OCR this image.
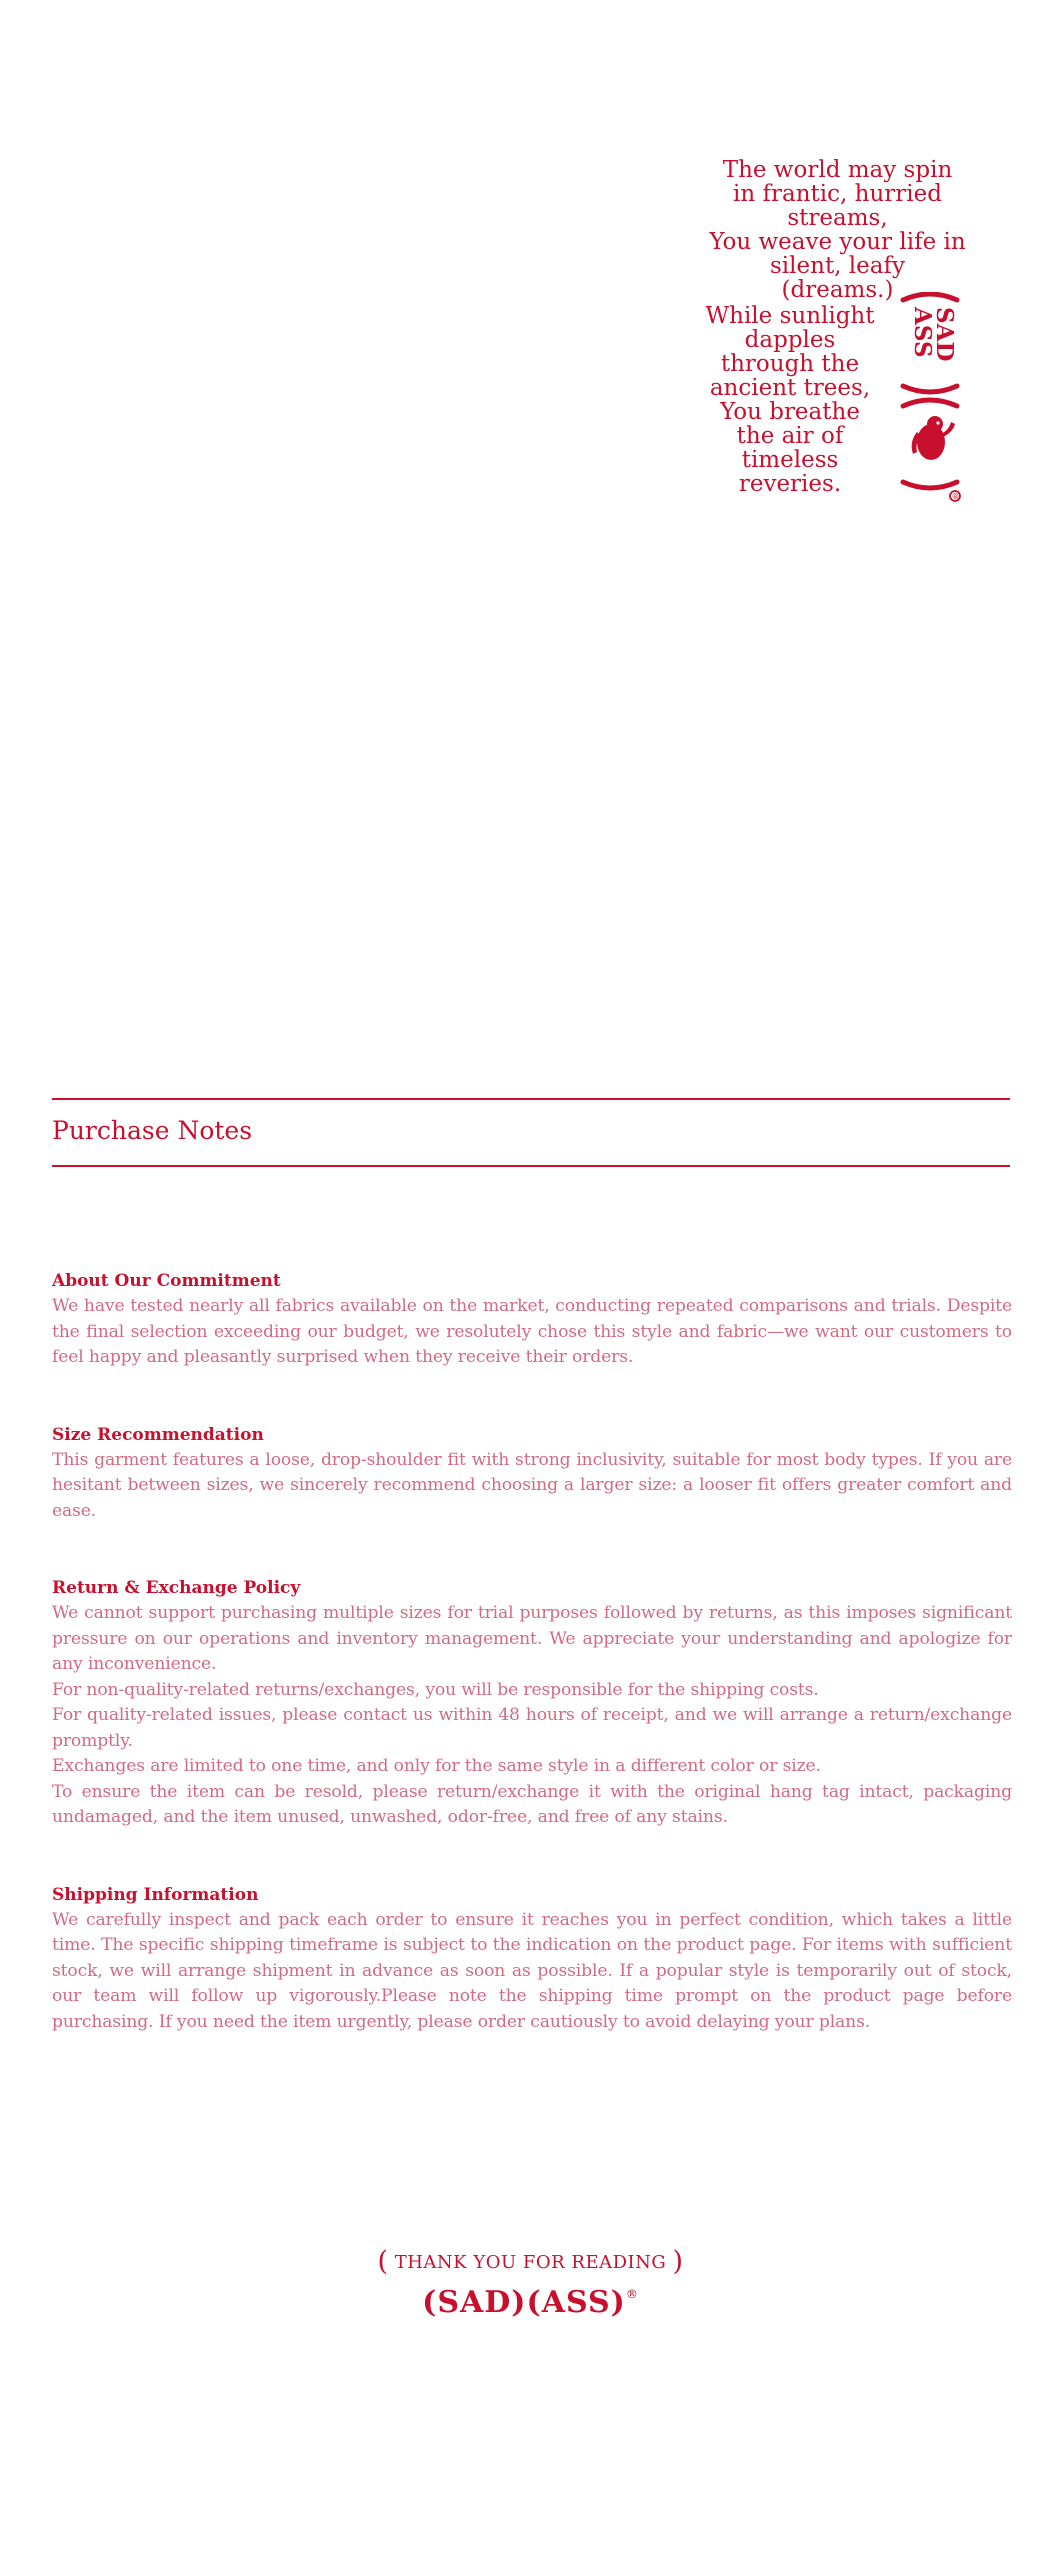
The world may spin
in frantic, hurried
streams,
You weave your life in
silent, leafy
(dreams.)
While sunlight
dapples
through the
ancient trees,
You breathe
the air of
timeless
reveries.
SAD
ASS
®
Purchase Notes
About Our Commitment

We have tested nearly all fabrics available on the market, conducting repeated comparisons and trials. Despite the final selection exceeding our budget, we resolutely chose this style and fabric—we want our customers to feel happy and pleasantly surprised when they receive their orders.

Size Recommendation

This garment features a loose, drop-shoulder fit with strong inclusivity, suitable for most body types. If you are hesitant between sizes, we sincerely recommend choosing a larger size: a looser fit offers greater comfort and ease.

Return & Exchange Policy

We cannot support purchasing multiple sizes for trial purposes followed by returns, as this imposes significant pressure on our operations and inventory management. We appreciate your understanding and apologize for any inconvenience.

For non-quality-related returns/exchanges, you will be responsible for the shipping costs.

For quality-related issues, please contact us within 48 hours of receipt, and we will arrange a return/exchange promptly.

Exchanges are limited to one time, and only for the same style in a different color or size.

To ensure the item can be resold, please return/exchange it with the original hang tag intact, packaging undamaged, and the item unused, unwashed, odor-free, and free of any stains.

Shipping Information

We carefully inspect and pack each order to ensure it reaches you in perfect condition, which takes a little time. The specific shipping timeframe is subject to the indication on the product page. For items with sufficient stock, we will arrange shipment in advance as soon as possible. If a popular style is temporarily out of stock, our team will follow up vigorously.Please note the shipping time prompt on the product page before purchasing. If you need the item urgently, please order cautiously to avoid delaying your plans.

( THANK YOU FOR READING )
(SAD)(ASS)®
